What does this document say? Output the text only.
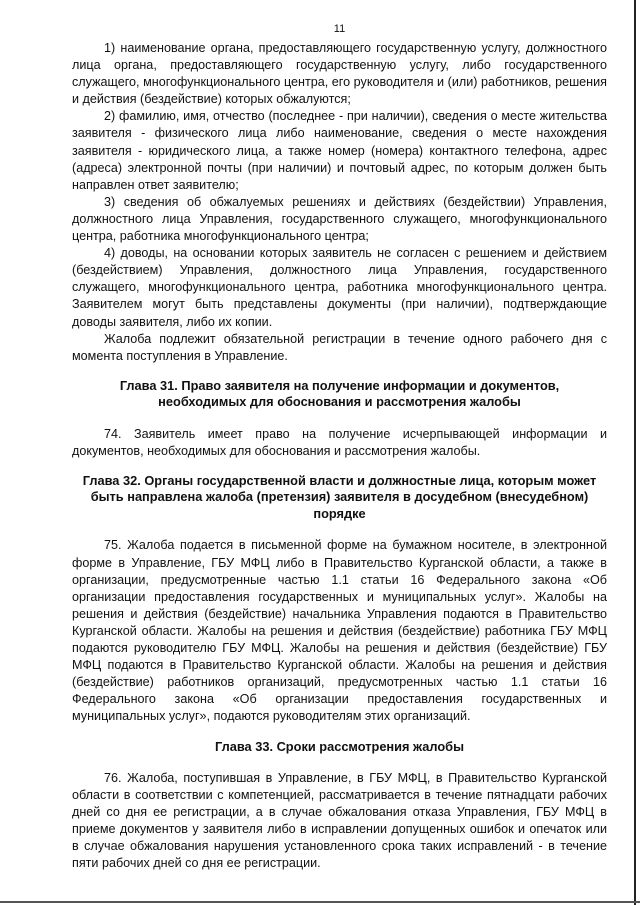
11

1) наименование органа, предоставляющего государственную услугу, должностного лица органа, предоставляющего государственную услугу, либо государственного служащего, многофункционального центра, его руководителя и (или) работников, решения и действия (бездействие) которых обжалуются;

2) фамилию, имя, отчество (последнее - при наличии), сведения о месте жительства заявителя - физического лица либо наименование, сведения о месте нахождения заявителя - юридического лица, а также номер (номера) контактного телефона, адрес (адреса) электронной почты (при наличии) и почтовый адрес, по которым должен быть направлен ответ заявителю;

3) сведения об обжалуемых решениях и действиях (бездействии) Управления, должностного лица Управления, государственного служащего, многофункционального центра, работника многофункционального центра;

4) доводы, на основании которых заявитель не согласен с решением и действием (бездействием) Управления, должностного лица Управления, государственного служащего, многофункционального центра, работника многофункционального центра. Заявителем могут быть представлены документы (при наличии), подтверждающие доводы заявителя, либо их копии.

Жалоба подлежит обязательной регистрации в течение одного рабочего дня с момента поступления в Управление.

Глава 31. Право заявителя на получение информации и документов, необходимых для обоснования и рассмотрения жалобы

74. Заявитель имеет право на получение исчерпывающей информации и документов, необходимых для обоснования и рассмотрения жалобы.

Глава 32. Органы государственной власти и должностные лица, которым может быть направлена жалоба (претензия) заявителя в досудебном (внесудебном) порядке

75. Жалоба подается в письменной форме на бумажном носителе, в электронной форме в Управление, ГБУ МФЦ либо в Правительство Курганской области, а также в организации, предусмотренные частью 1.1 статьи 16 Федерального закона «Об организации предоставления государственных и муниципальных услуг». Жалобы на решения и действия (бездействие) начальника Управления подаются в Правительство Курганской области. Жалобы на решения и действия (бездействие) работника ГБУ МФЦ подаются руководителю ГБУ МФЦ. Жалобы на решения и действия (бездействие) ГБУ МФЦ подаются в Правительство Курганской области. Жалобы на решения и действия (бездействие) работников организаций, предусмотренных частью 1.1 статьи 16 Федерального закона «Об организации предоставления государственных и муниципальных услуг», подаются руководителям этих организаций.

Глава 33. Сроки рассмотрения жалобы

76. Жалоба, поступившая в Управление, в ГБУ МФЦ, в Правительство Курганской области в соответствии с компетенцией, рассматривается в течение пятнадцати рабочих дней со дня ее регистрации, а в случае обжалования отказа Управления, ГБУ МФЦ в приеме документов у заявителя либо в исправлении допущенных ошибок и опечаток или в случае обжалования нарушения установленного срока таких исправлений - в течение пяти рабочих дней со дня ее регистрации.
